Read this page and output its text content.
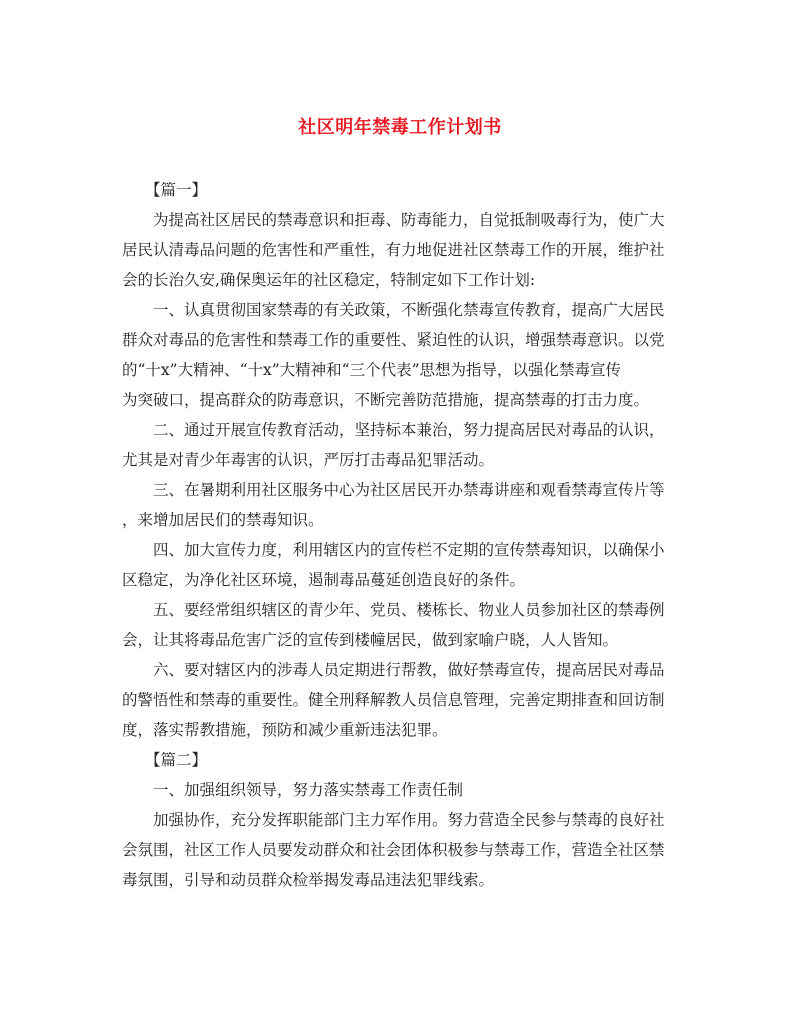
社区明年禁毒工作计划书
【篇一】
为提高社区居民的禁毒意识和拒毒、防毒能力，自觉抵制吸毒行为，使广大
居民认清毒品问题的危害性和严重性，有力地促进社区禁毒工作的开展，维护社
会的长治久安,确保奥运年的社区稳定，特制定如下工作计划:
一、认真贯彻国家禁毒的有关政策，不断强化禁毒宣传教育，提高广大居民
群众对毒品的危害性和禁毒工作的重要性、紧迫性的认识，增强禁毒意识。以党
的“十x”大精神、“十x”大精神和“三个代表”思想为指导，以强化禁毒宣传
为突破口，提高群众的防毒意识，不断完善防范措施，提高禁毒的打击力度。
二、通过开展宣传教育活动，坚持标本兼治，努力提高居民对毒品的认识，
尤其是对青少年毒害的认识，严厉打击毒品犯罪活动。
三、在暑期利用社区服务中心为社区居民开办禁毒讲座和观看禁毒宣传片等
，来增加居民们的禁毒知识。
四、加大宣传力度，利用辖区内的宣传栏不定期的宣传禁毒知识，以确保小
区稳定，为净化社区环境，遏制毒品蔓延创造良好的条件。
五、要经常组织辖区的青少年、党员、楼栋长、物业人员参加社区的禁毒例
会，让其将毒品危害广泛的宣传到楼幢居民，做到家喻户晓，人人皆知。
六、要对辖区内的涉毒人员定期进行帮教，做好禁毒宣传，提高居民对毒品
的警悟性和禁毒的重要性。健全刑释解教人员信息管理，完善定期排查和回访制
度，落实帮教措施，预防和减少重新违法犯罪。
【篇二】
一、加强组织领导，努力落实禁毒工作责任制
加强协作，充分发挥职能部门主力军作用。努力营造全民参与禁毒的良好社
会氛围，社区工作人员要发动群众和社会团体积极参与禁毒工作，营造全社区禁
毒氛围，引导和动员群众检举揭发毒品违法犯罪线索。
